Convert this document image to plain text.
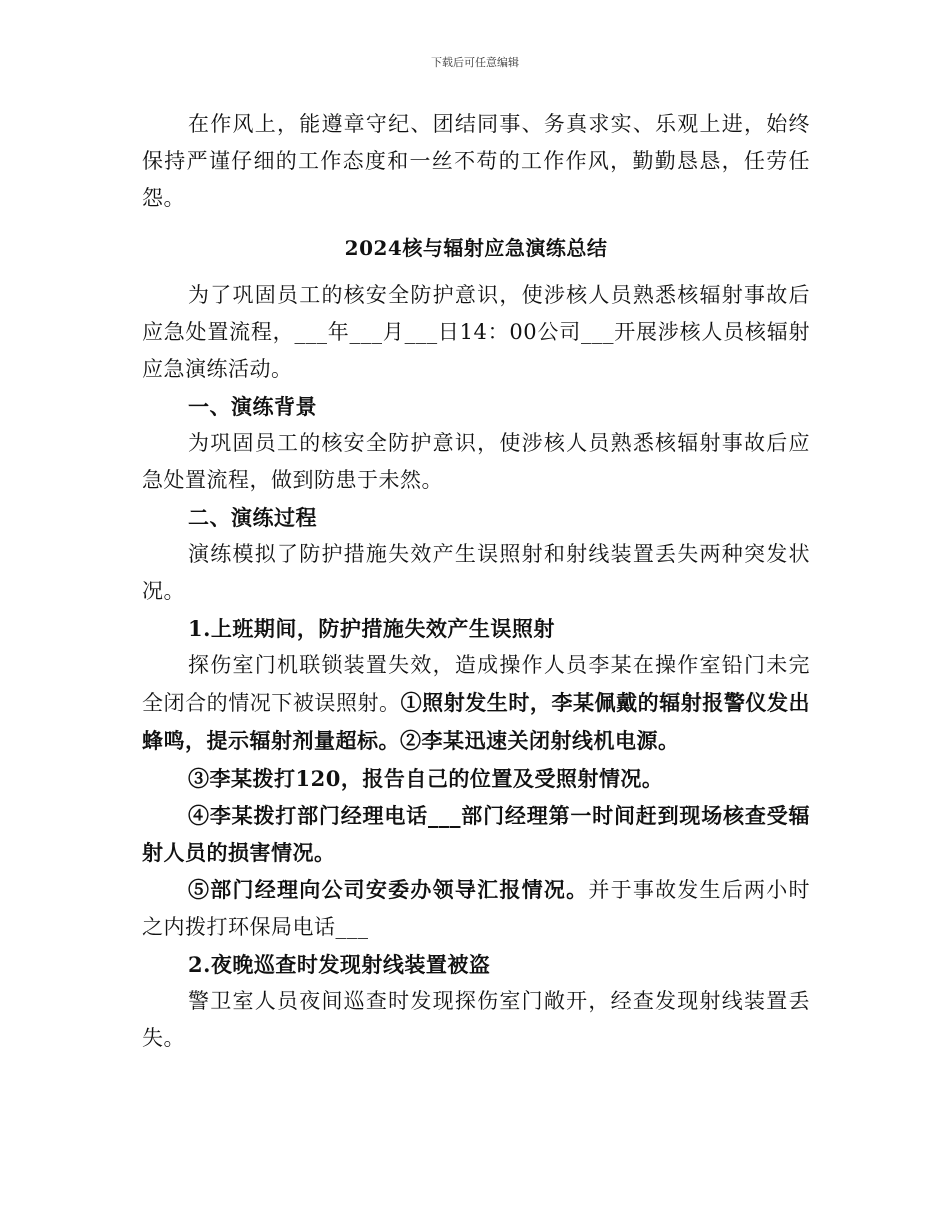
下载后可任意编辑

在作风上，能遵章守纪、团结同事、务真求实、乐观上进，始终保持严谨仔细的工作态度和一丝不苟的工作作风，勤勤恳恳，任劳任怨。

2024核与辐射应急演练总结

为了巩固员工的核安全防护意识，使涉核人员熟悉核辐射事故后应急处置流程，___年___月___日14：00公司___开展涉核人员核辐射应急演练活动。

一、演练背景

为巩固员工的核安全防护意识，使涉核人员熟悉核辐射事故后应急处置流程，做到防患于未然。

二、演练过程

演练模拟了防护措施失效产生误照射和射线装置丢失两种突发状况。

1.上班期间，防护措施失效产生误照射

探伤室门机联锁装置失效，造成操作人员李某在操作室铅门未完全闭合的情况下被误照射。①照射发生时，李某佩戴的辐射报警仪发出蜂鸣，提示辐射剂量超标。②李某迅速关闭射线机电源。

③李某拨打120，报告自己的位置及受照射情况。

④李某拨打部门经理电话___部门经理第一时间赶到现场核查受辐射人员的损害情况。

⑤部门经理向公司安委办领导汇报情况。并于事故发生后两小时之内拨打环保局电话___

2.夜晚巡查时发现射线装置被盗

警卫室人员夜间巡查时发现探伤室门敞开，经查发现射线装置丢失。
